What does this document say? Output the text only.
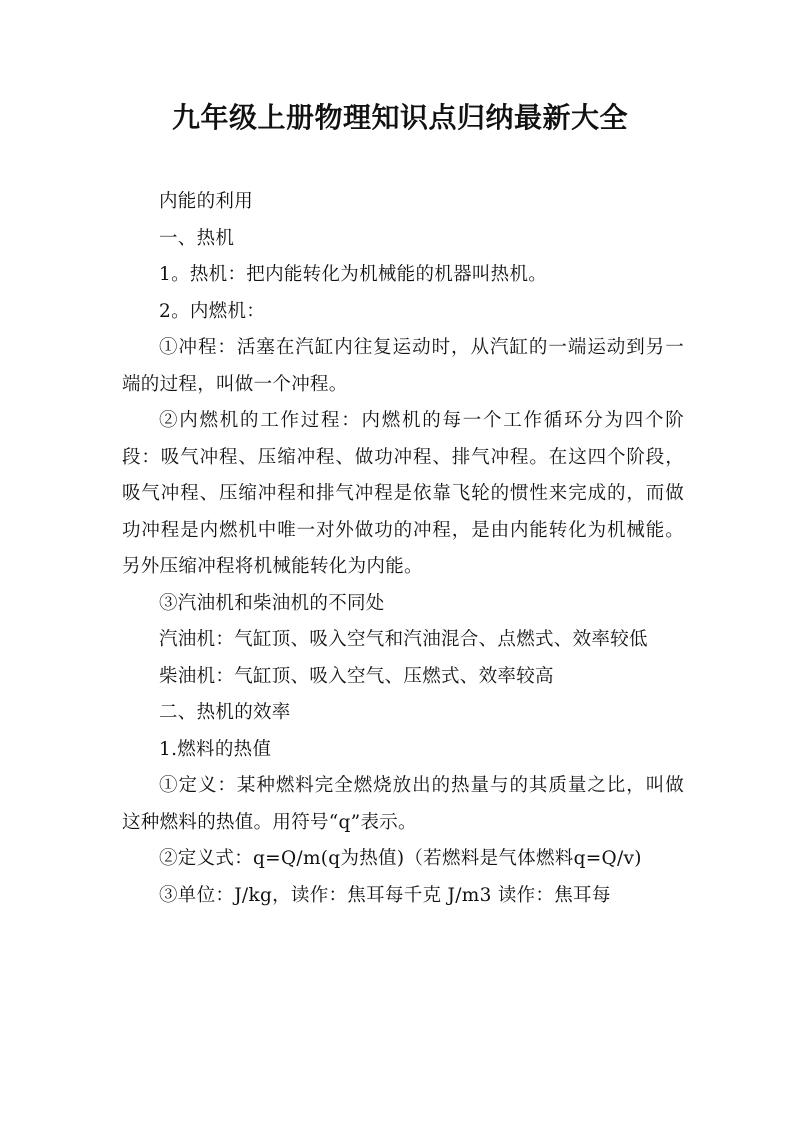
九年级上册物理知识点归纳最新大全

内能的利用

一、热机

1。热机：把内能转化为机械能的机器叫热机。

2。内燃机：

①冲程：活塞在汽缸内往复运动时，从汽缸的一端运动到另一端的过程，叫做一个冲程。

②内燃机的工作过程：内燃机的每一个工作循环分为四个阶段：吸气冲程、压缩冲程、做功冲程、排气冲程。在这四个阶段，吸气冲程、压缩冲程和排气冲程是依靠飞轮的惯性来完成的，而做功冲程是内燃机中唯一对外做功的冲程，是由内能转化为机械能。另外压缩冲程将机械能转化为内能。

③汽油机和柴油机的不同处

汽油机：气缸顶、吸入空气和汽油混合、点燃式、效率较低

柴油机：气缸顶、吸入空气、压燃式、效率较高

二、热机的效率

1.燃料的热值

①定义：某种燃料完全燃烧放出的热量与的其质量之比，叫做这种燃料的热值。用符号“q”表示。

②定义式：q=Q/m(q为热值)（若燃料是气体燃料q=Q/v)

③单位：J/kg，读作：焦耳每千克 J/m3 读作：焦耳每
